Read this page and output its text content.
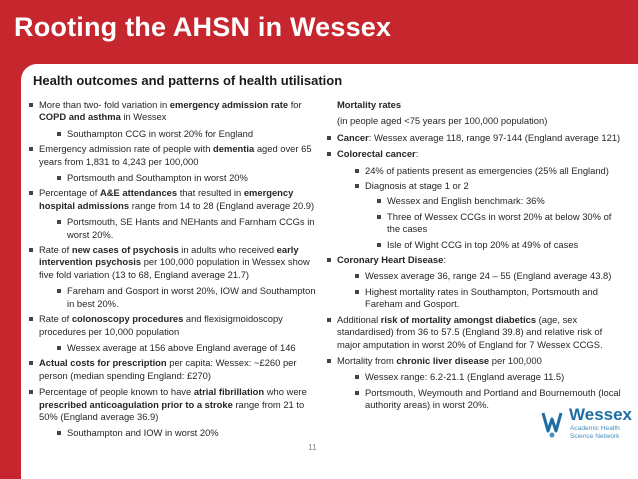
Rooting the AHSN in Wessex
Health outcomes and patterns of health utilisation
More than two- fold variation in emergency admission rate for COPD and asthma in Wessex
Southampton CCG in worst 20% for England
Emergency admission rate of people with dementia aged over 65 years from 1,831 to 4,243 per 100,000
Portsmouth and Southampton in worst 20%
Percentage of A&E attendances that resulted in emergency hospital admissions range from 14 to 28 (England average 20.9)
Portsmouth, SE Hants and NEHants and Farnham CCGs in worst 20%.
Rate of new cases of psychosis in adults who received early intervention psychosis per 100,000 population in Wessex show five fold variation (13 to 68, England average 21.7)
Fareham and Gosport in worst 20%, IOW and Southampton in best 20%.
Rate of colonoscopy procedures and flexisigmoidoscopy procedures per 10,000 population
Wessex average at 156 above England average of 146
Actual costs for prescription per capita: Wessex: ~£260 per person (median spending England: £270)
Percentage of people known to have atrial fibrillation who were prescribed anticoagulation prior to a stroke range from 21 to 50% (England average 36.9)
Southampton and IOW in worst 20%

Mortality rates

(in people aged <75 years per 100,000 population)

Cancer: Wessex average 118, range 97-144 (England average 121)
Colorectal cancer:
24% of patients present as emergencies (25% all England)
Diagnosis at stage 1 or 2
Wessex and English benchmark: 36%
Three of Wessex CCGs in worst 20% at below 30% of the cases
Isle of Wight CCG in top 20% at 49% of cases
Coronary Heart Disease:
Wessex average 36, range 24 – 55 (England average 43.8)
Highest mortality rates in Southampton, Portsmouth and Fareham and Gosport.
Additional risk of mortality amongst diabetics (age, sex standardised) from 36 to 57.5 (England 39.8) and relative risk of major amputation in worst 20% of England for 7 Wessex CCGS.
Mortality from chronic liver disease per 100,000
Wessex range: 6.2-21.1 (England average 11.5)
Portsmouth, Weymouth and Portland and Bournemouth (local authority areas) in worst 20%.
11
Wessex
Academic Health
Science Network
